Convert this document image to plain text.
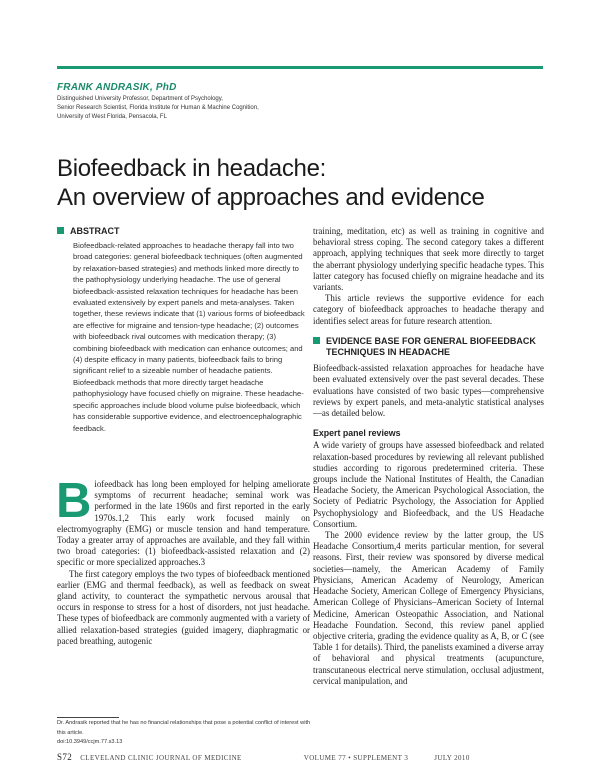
FRANK ANDRASIK, PhD
Distinguished University Professor, Department of Psychology,
Senior Research Scientist, Florida Institute for Human & Machine Cognition,
University of West Florida, Pensacola, FL
Biofeedback in headache:
An overview of approaches and evidence
ABSTRACT
Biofeedback-related approaches to headache therapy fall into two broad categories: general biofeedback techniques (often augmented by relaxation-based strategies) and methods linked more directly to the pathophysiology underlying headache. The use of general biofeedback-assisted relaxation techniques for headache has been evaluated extensively by expert panels and meta-analyses. Taken together, these reviews indicate that (1) various forms of biofeedback are effective for migraine and tension-type headache; (2) outcomes with biofeedback rival outcomes with medication therapy; (3) combining biofeedback with medication can enhance outcomes; and (4) despite efficacy in many patients, biofeedback fails to bring significant relief to a sizeable number of headache patients. Biofeedback methods that more directly target headache pathophysiology have focused chiefly on migraine. These headache-specific approaches include blood volume pulse biofeedback, which has considerable supportive evidence, and electroencephalographic feedback.

Biofeedback has long been employed for helping ameliorate symptoms of recurrent headache; seminal work was performed in the late 1960s and first reported in the early 1970s.1,2 This early work focused mainly on electromyography (EMG) or muscle tension and hand temperature. Today a greater array of approaches are available, and they fall within two broad categories: (1) biofeedback-assisted relaxation and (2) specific or more specialized approaches.3

The first category employs the two types of biofeedback mentioned earlier (EMG and thermal feedback), as well as feedback on sweat gland activity, to counteract the sympathetic nervous arousal that occurs in response to stress for a host of disorders, not just headache. These types of biofeedback are commonly augmented with a variety of allied relaxation-based strategies (guided imagery, diaphragmatic or paced breathing, autogenic

Dr. Andrasik reported that he has no financial relationships that pose a potential conflict of interest with this article.
doi:10.3949/ccjm.77.s3.13
S72 CLEVELAND CLINIC JOURNAL OF MEDICINE	VOLUME 77 • SUPPLEMENT 3	JULY 2010

training, meditation, etc) as well as training in cognitive and behavioral stress coping. The second category takes a different approach, applying techniques that seek more directly to target the aberrant physiology underlying specific headache types. This latter category has focused chiefly on migraine headache and its variants.

This article reviews the supportive evidence for each category of biofeedback approaches to headache therapy and identifies select areas for future research attention.

EVIDENCE BASE FOR GENERAL BIOFEEDBACK
TECHNIQUES IN HEADACHE

Biofeedback-assisted relaxation approaches for headache have been evaluated extensively over the past several decades. These evaluations have consisted of two basic types—comprehensive reviews by expert panels, and meta-analytic statistical analyses—as detailed below.

Expert panel reviews

A wide variety of groups have assessed biofeedback and related relaxation-based procedures by reviewing all relevant published studies according to rigorous predetermined criteria. These groups include the National Institutes of Health, the Canadian Headache Society, the American Psychological Association, the Society of Pediatric Psychology, the Association for Applied Psychophysiology and Biofeedback, and the US Headache Consortium.

The 2000 evidence review by the latter group, the US Headache Consortium,4 merits particular mention, for several reasons. First, their review was sponsored by diverse medical societies—namely, the American Academy of Family Physicians, American Academy of Neurology, American Headache Society, American College of Emergency Physicians, American College of Physicians–American Society of Internal Medicine, American Osteopathic Association, and National Headache Foundation. Second, this review panel applied objective criteria, grading the evidence quality as A, B, or C (see Table 1 for details). Third, the panelists examined a diverse array of behavioral and physical treatments (acupuncture, transcutaneous electrical nerve stimulation, occlusal adjustment, cervical manipulation, and
